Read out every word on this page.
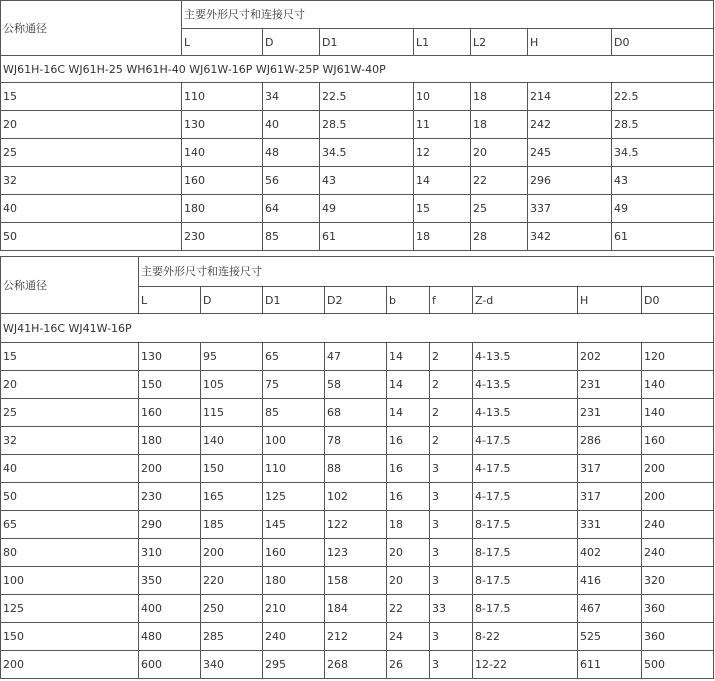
公称通径	主要外形尺寸和连接尺寸						
	L	D	D1	L1	L2	H	D0
WJ61H-16C WJ61H-25 WH61H-40 WJ61W-16P WJ61W-25P WJ61W-40P							
15	110	34	22.5	10	18	214	22.5
20	130	40	28.5	11	18	242	28.5
25	140	48	34.5	12	20	245	34.5
32	160	56	43	14	22	296	43
40	180	64	49	15	25	337	49
50	230	85	61	18	28	342	61
公称通径	主要外形尺寸和连接尺寸								
	L	D	D1	D2	b	f	Z-d	H	D0
WJ41H-16C WJ41W-16P									
15	130	95	65	47	14	2	4-13.5	202	120
20	150	105	75	58	14	2	4-13.5	231	140
25	160	115	85	68	14	2	4-13.5	231	140
32	180	140	100	78	16	2	4-17.5	286	160
40	200	150	110	88	16	3	4-17.5	317	200
50	230	165	125	102	16	3	4-17.5	317	200
65	290	185	145	122	18	3	8-17.5	331	240
80	310	200	160	123	20	3	8-17.5	402	240
100	350	220	180	158	20	3	8-17.5	416	320
125	400	250	210	184	22	33	8-17.5	467	360
150	480	285	240	212	24	3	8-22	525	360
200	600	340	295	268	26	3	12-22	611	500
